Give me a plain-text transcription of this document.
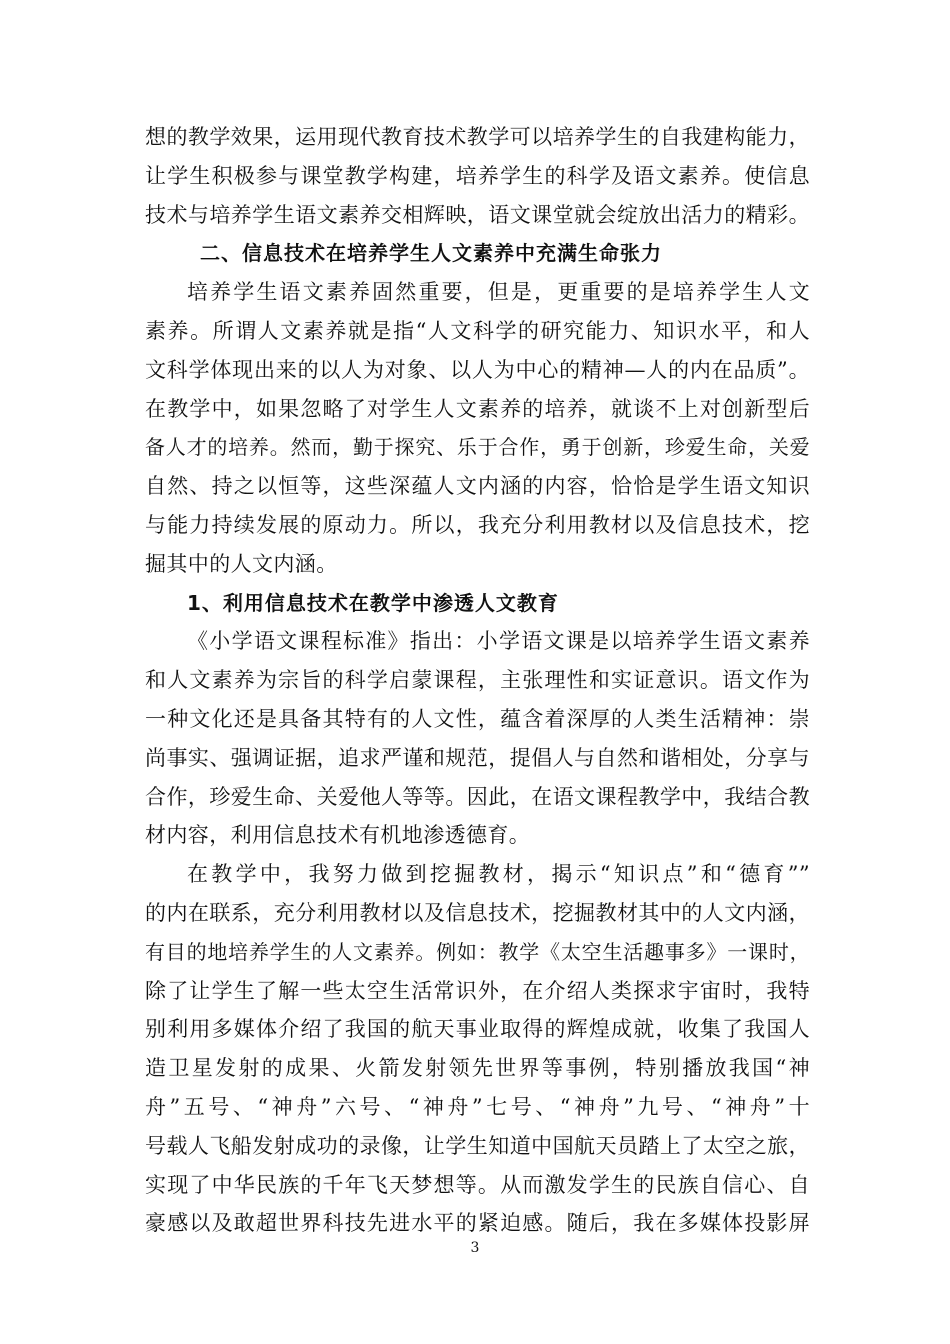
想的教学效果，运用现代教育技术教学可以培养学生的自我建构能力，
让学生积极参与课堂教学构建，培养学生的科学及语文素养。使信息
技术与培养学生语文素养交相辉映，语文课堂就会绽放出活力的精彩。
二、信息技术在培养学生人文素养中充满生命张力
培养学生语文素养固然重要，但是，更重要的是培养学生人文
素养。所谓人文素养就是指“人文科学的研究能力、知识水平，和人
文科学体现出来的以人为对象、以人为中心的精神—人的内在品质”。
在教学中，如果忽略了对学生人文素养的培养，就谈不上对创新型后
备人才的培养。然而，勤于探究、乐于合作，勇于创新，珍爱生命，关爱
自然、持之以恒等，这些深蕴人文内涵的内容，恰恰是学生语文知识
与能力持续发展的原动力。所以，我充分利用教材以及信息技术，挖
掘其中的人文内涵。
1、利用信息技术在教学中渗透人文教育
《小学语文课程标准》指出：小学语文课是以培养学生语文素养
和人文素养为宗旨的科学启蒙课程，主张理性和实证意识。语文作为
一种文化还是具备其特有的人文性，蕴含着深厚的人类生活精神：崇
尚事实、强调证据，追求严谨和规范，提倡人与自然和谐相处，分享与
合作，珍爱生命、关爱他人等等。因此，在语文课程教学中，我结合教
材内容，利用信息技术有机地渗透德育。
在教学中，我努力做到挖掘教材，揭示“知识点”和“德育””
的内在联系，充分利用教材以及信息技术，挖掘教材其中的人文内涵，
有目的地培养学生的人文素养。例如：教学《太空生活趣事多》一课时，
除了让学生了解一些太空生活常识外，在介绍人类探求宇宙时，我特
别利用多媒体介绍了我国的航天事业取得的辉煌成就，收集了我国人
造卫星发射的成果、火箭发射领先世界等事例，特别播放我国“神
舟”五号、“神舟”六号、“神舟”七号、“神舟”九号、“神舟”十
号载人飞船发射成功的录像，让学生知道中国航天员踏上了太空之旅，
实现了中华民族的千年飞天梦想等。从而激发学生的民族自信心、自
豪感以及敢超世界科技先进水平的紧迫感。随后，我在多媒体投影屏
3
